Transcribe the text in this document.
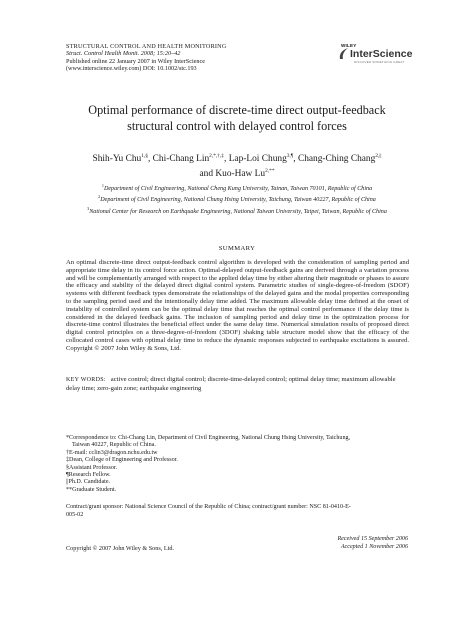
STRUCTURAL CONTROL AND HEALTH MONITORING
Struct. Control Health Monit. 2008; 15:20–42
Published online 22 January 2007 in Wiley InterScience
(www.interscience.wiley.com) DOI: 10.1002/stc.193
WILEY
InterScience
DISCOVER SOMETHING GREAT
Optimal performance of discrete-time direct output-feedback
structural control with delayed control forces
Shih-Yu Chu$^{1,\S}$, Chi-Chang Lin$^{2,*,\dagger,\ddagger}$, Lap-Loi Chung$^{3,\P}$, Chang-Ching Chang$^{2,||}$
and Kuo-Haw $Lu^{2,**}$
$^1$Department of Civil Engineering, National Cheng Kung University, Tainan, Taiwan 70101, Republic of China
$^2$Department of Civil Engineering, National Chung Hsing University, Taichung, Taiwan 40227, Republic of China
$^3$National Center for Research on Earthquake Engineering, National Taiwan University, Taipei, Taiwan, Republic of China
SUMMARY
An optimal discrete-time direct output-feedback control algorithm is developed with the consideration of sampling period and appropriate time delay in its control force action. Optimal-delayed output-feedback gains are derived through a variation process and will be complementarily arranged with respect to the applied delay time by either altering their magnitude or phases to assure the efficacy and stability of the delayed direct digital control system. Parametric studies of single-degree-of-freedom (SDOF) systems with different feedback types demonstrate the relationships of the delayed gains and the modal properties corresponding to the sampling period used and the intentionally delay time added. The maximum allowable delay time defined at the onset of instability of controlled system can be the optimal delay time that reaches the optimal control performance if the delay time is considered in the delayed feedback gains. The inclusion of sampling period and delay time in the optimization process for discrete-time control illustrates the beneficial effect under the same delay time. Numerical simulation results of proposed direct digital control principles on a three-degree-of-freedom (3DOF) shaking table structure model show that the efficacy of the collocated control cases with optimal delay time to reduce the dynamic responses subjected to earthquake excitations is assured. Copyright © 2007 John Wiley & Sons, Ltd.
KEY WORDS: active control; direct digital control; discrete-time-delayed control; optimal delay time; maximum allowable delay time; zero-gain zone; earthquake engineering

*Correspondence to: Chi-Chang Lin, Department of Civil Engineering, National Chung Hsing University, Taichung,

Taiwan 40227, Republic of China.

†E-mail: cclin3@dragon.nchu.edu.tw

‡Dean, College of Engineering and Professor.

§Assistant Professor.

¶Research Fellow.

||Ph.D. Candidate.

**Graduate Student.

Contract/grant sponsor: National Science Council of the Republic of China; contract/grant number: NSC 81-0410-E-

005-02

Received 15 September 2006
Accepted 1 November 2006
Copyright © 2007 John Wiley & Sons, Ltd.
